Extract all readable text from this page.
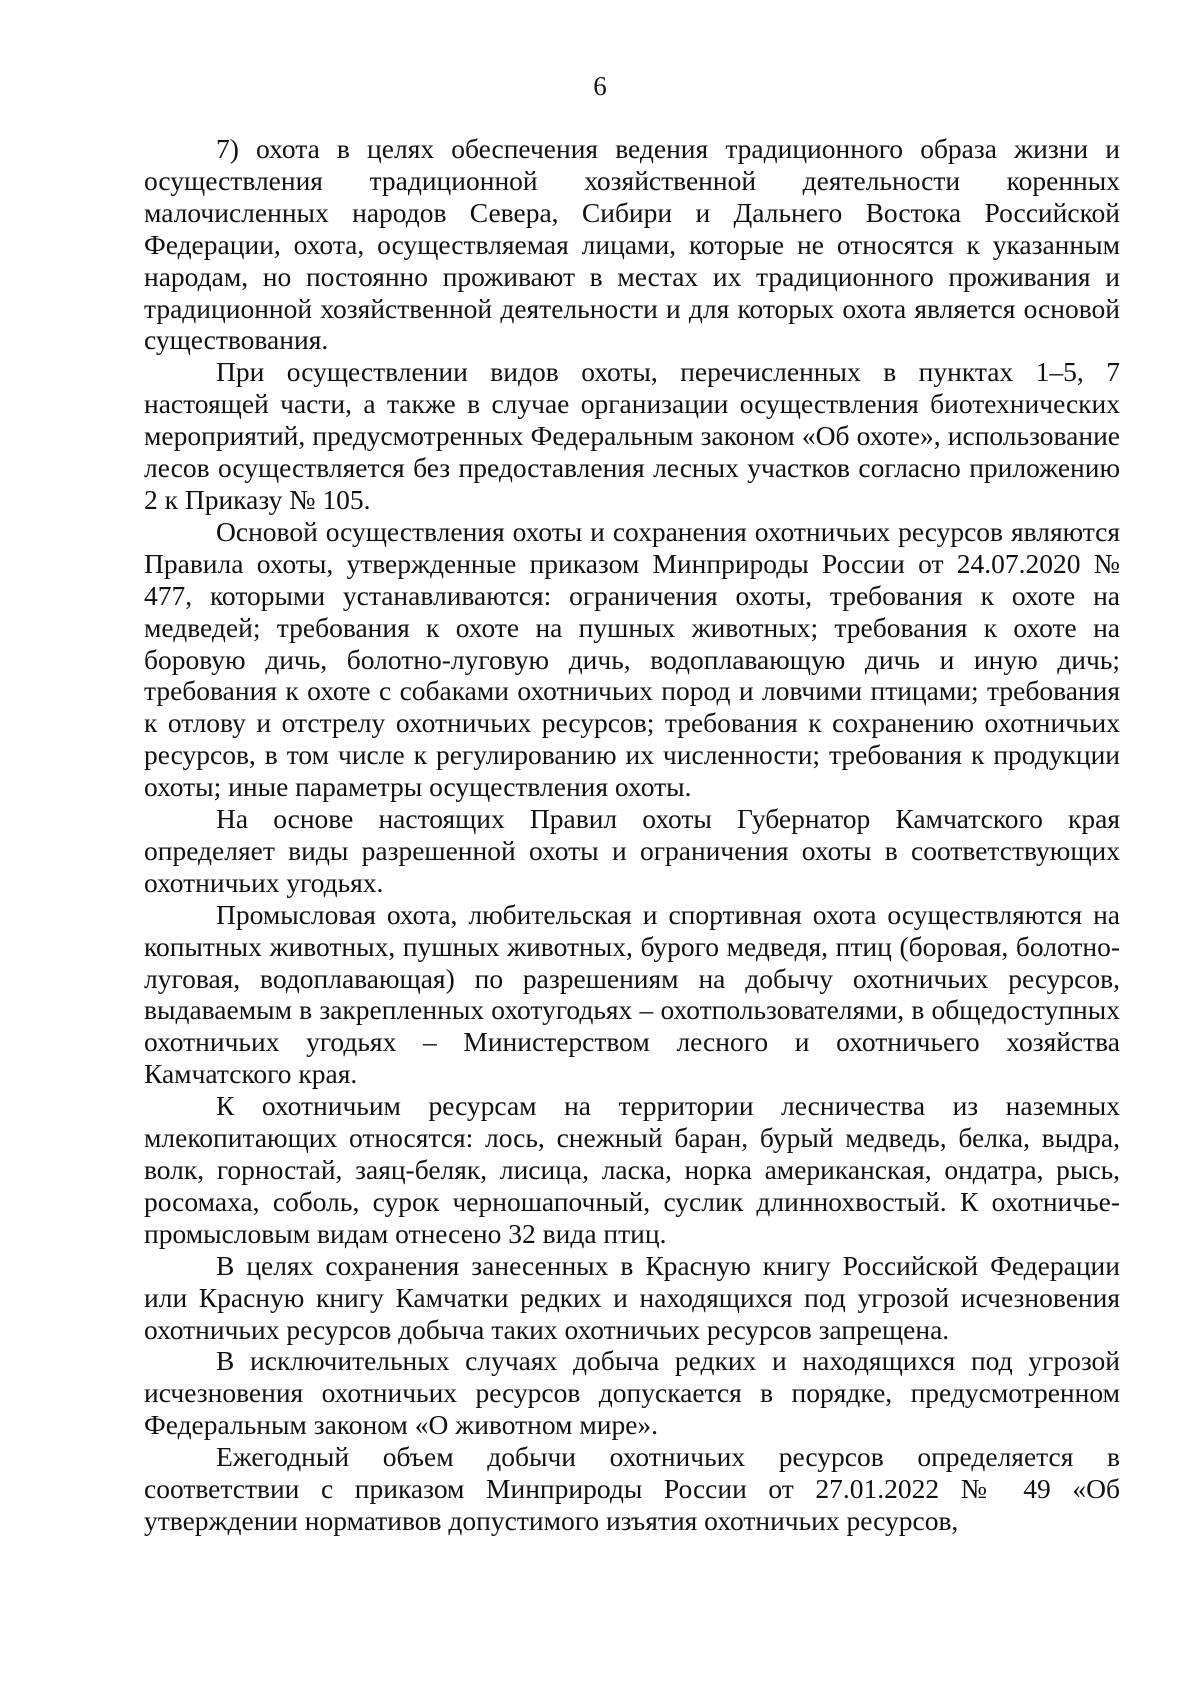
6

7) охота в целях обеспечения ведения традиционного образа жизни и осуществления традиционной хозяйственной деятельности коренных малочисленных народов Севера, Сибири и Дальнего Востока Российской Федерации, охота, осуществляемая лицами, которые не относятся к указанным народам, но постоянно проживают в местах их традиционного проживания и традиционной хозяйственной деятельности и для которых охота является основой существования.

При осуществлении видов охоты, перечисленных в пунктах 1–5, 7 настоящей части, а также в случае организации осуществления биотехнических мероприятий, предусмотренных Федеральным законом «Об охоте», использование лесов осуществляется без предоставления лесных участков согласно приложению 2 к Приказу № 105.

Основой осуществления охоты и сохранения охотничьих ресурсов являются Правила охоты, утвержденные приказом Минприроды России от 24.07.2020 № 477, которыми устанавливаются: ограничения охоты, требования к охоте на медведей; требования к охоте на пушных животных; требования к охоте на боровую дичь, болотно-луговую дичь, водоплавающую дичь и иную дичь; требования к охоте с собаками охотничьих пород и ловчими птицами; требования к отлову и отстрелу охотничьих ресурсов; требования к сохранению охотничьих ресурсов, в том числе к регулированию их численности; требования к продукции охоты; иные параметры осуществления охоты.

На основе настоящих Правил охоты Губернатор Камчатского края определяет виды разрешенной охоты и ограничения охоты в соответствующих охотничьих угодьях.

Промысловая охота, любительская и спортивная охота осуществляются на копытных животных, пушных животных, бурого медведя, птиц (боровая, болотно-луговая, водоплавающая) по разрешениям на добычу охотничьих ресурсов, выдаваемым в закрепленных охотугодьях – охотпользователями, в общедоступных охотничьих угодьях – Министерством лесного и охотничьего хозяйства Камчатского края.

К охотничьим ресурсам на территории лесничества из наземных млекопитающих относятся: лось, снежный баран, бурый медведь, белка, выдра, волк, горностай, заяц-беляк, лисица, ласка, норка американская, ондатра, рысь, росомаха, соболь, сурок черношапочный, суслик длиннохвостый. К охотничье-промысловым видам отнесено 32 вида птиц.

В целях сохранения занесенных в Красную книгу Российской Федерации или Красную книгу Камчатки редких и находящихся под угрозой исчезновения охотничьих ресурсов добыча таких охотничьих ресурсов запрещена.

В исключительных случаях добыча редких и находящихся под угрозой исчезновения охотничьих ресурсов допускается в порядке, предусмотренном Федеральным законом «О животном мире».

Ежегодный объем добычи охотничьих ресурсов определяется в соответствии с приказом Минприроды России от 27.01.2022 № 49 «Об утверждении нормативов допустимого изъятия охотничьих ресурсов,
